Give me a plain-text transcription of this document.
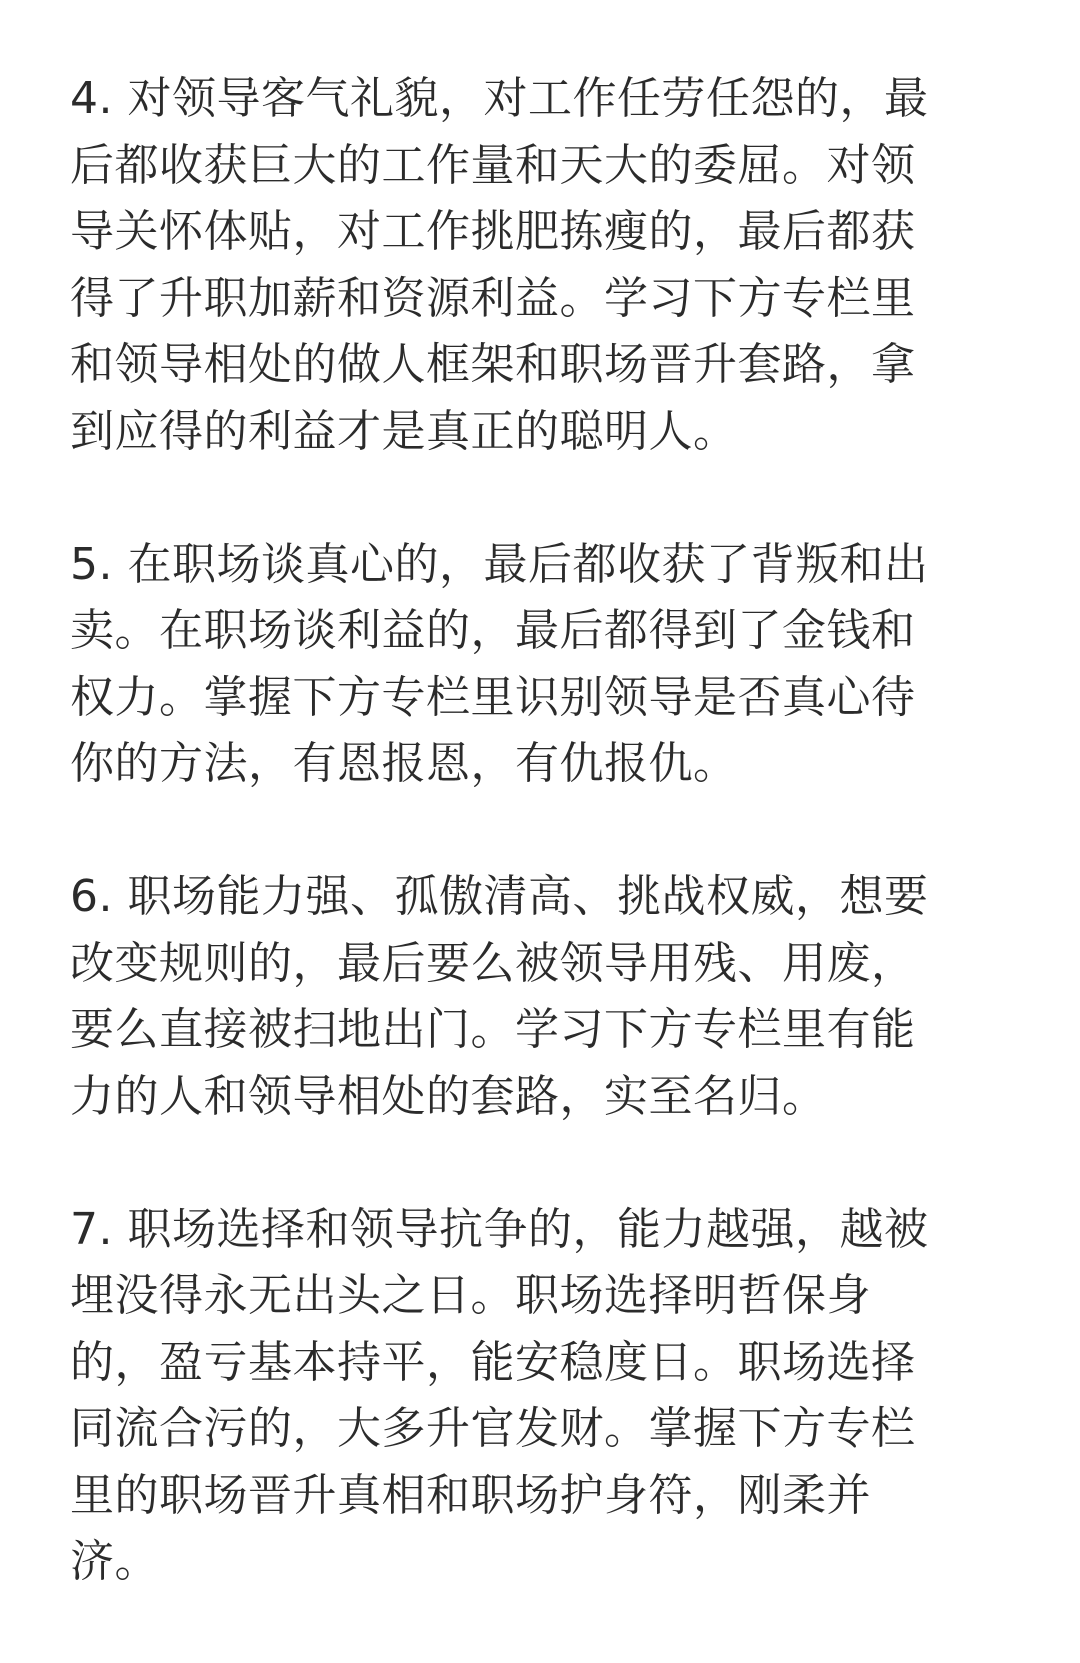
4. 对领导客气礼貌，对工作任劳任怨的，最
后都收获巨大的工作量和天大的委屈。对领
导关怀体贴，对工作挑肥拣瘦的，最后都获
得了升职加薪和资源利益。学习下方专栏里
和领导相处的做人框架和职场晋升套路，拿
到应得的利益才是真正的聪明人。
5. 在职场谈真心的，最后都收获了背叛和出
卖。在职场谈利益的，最后都得到了金钱和
权力。掌握下方专栏里识别领导是否真心待
你的方法，有恩报恩，有仇报仇。
6. 职场能力强、孤傲清高、挑战权威，想要
改变规则的，最后要么被领导用残、用废，
要么直接被扫地出门。学习下方专栏里有能
力的人和领导相处的套路，实至名归。
7. 职场选择和领导抗争的，能力越强，越被
埋没得永无出头之日。职场选择明哲保身
的，盈亏基本持平，能安稳度日。职场选择
同流合污的，大多升官发财。掌握下方专栏
里的职场晋升真相和职场护身符，刚柔并
济。
